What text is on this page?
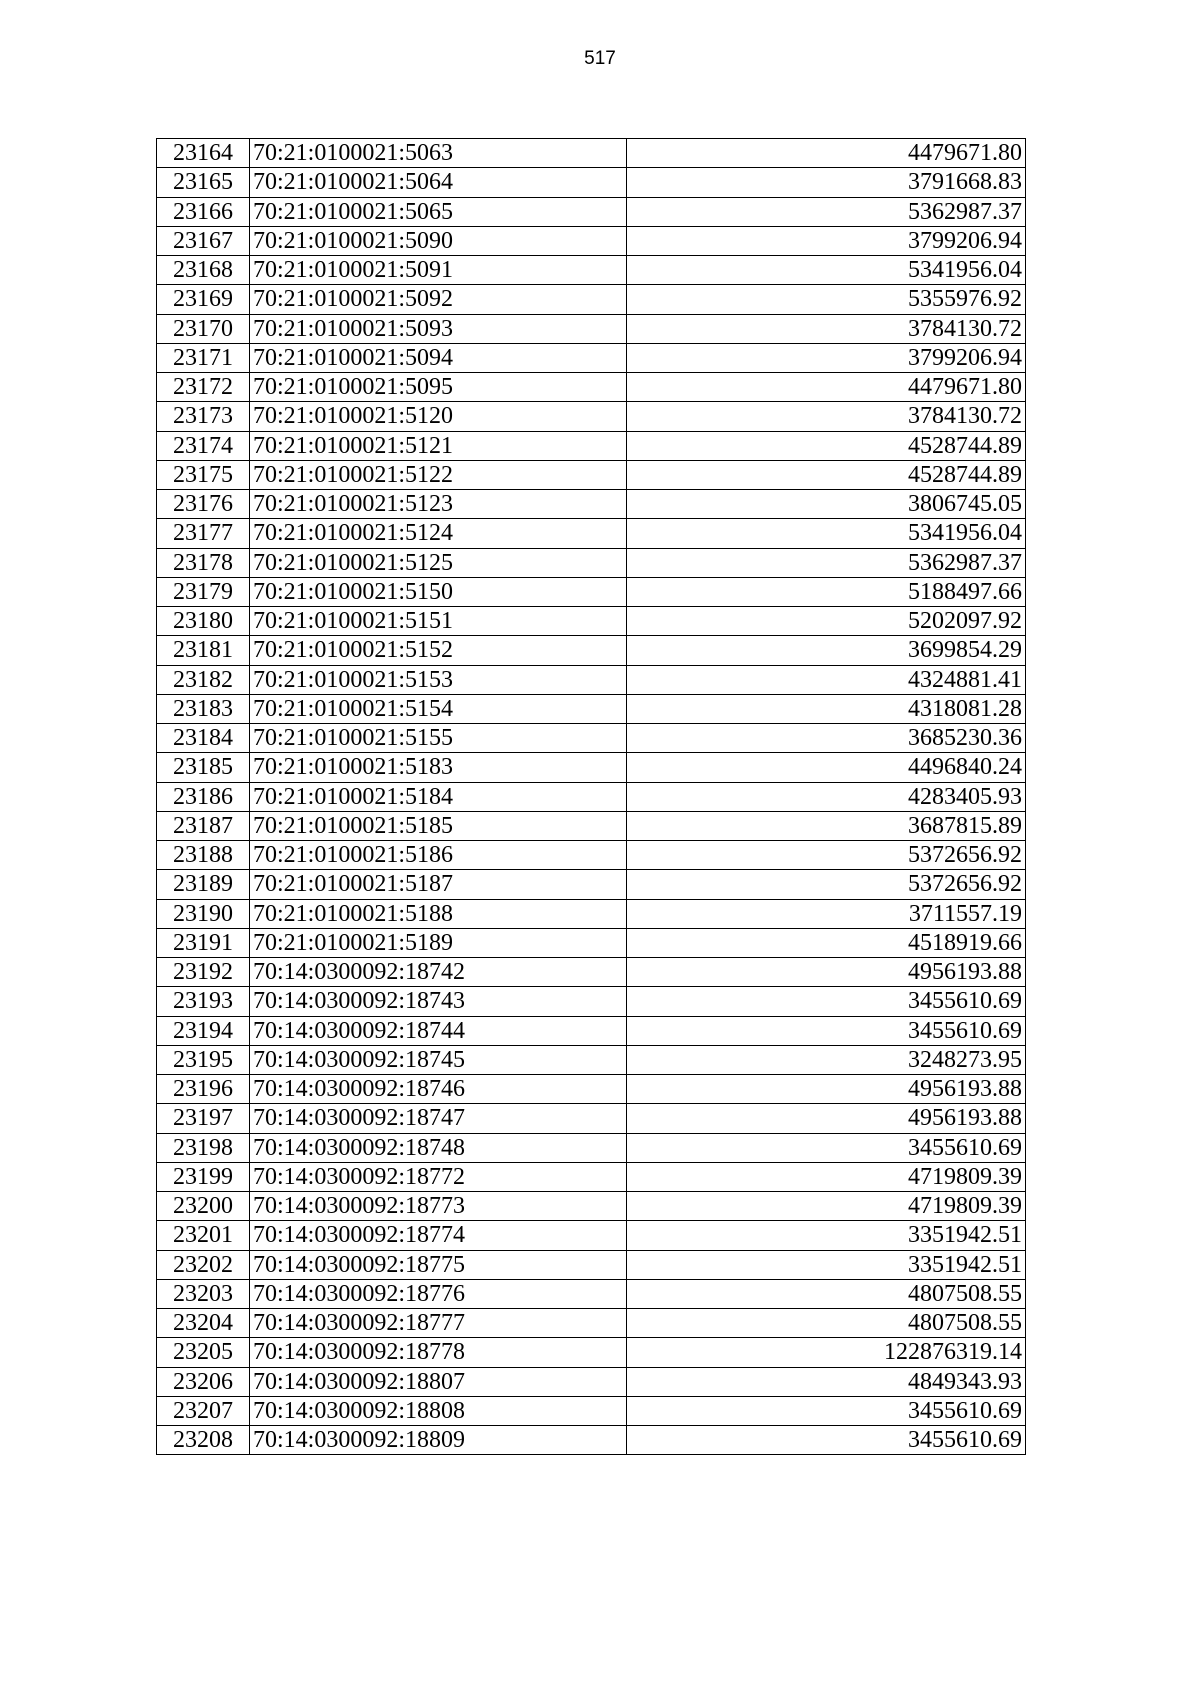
517
23164	70:21:0100021:5063	4479671.80
23165	70:21:0100021:5064	3791668.83
23166	70:21:0100021:5065	5362987.37
23167	70:21:0100021:5090	3799206.94
23168	70:21:0100021:5091	5341956.04
23169	70:21:0100021:5092	5355976.92
23170	70:21:0100021:5093	3784130.72
23171	70:21:0100021:5094	3799206.94
23172	70:21:0100021:5095	4479671.80
23173	70:21:0100021:5120	3784130.72
23174	70:21:0100021:5121	4528744.89
23175	70:21:0100021:5122	4528744.89
23176	70:21:0100021:5123	3806745.05
23177	70:21:0100021:5124	5341956.04
23178	70:21:0100021:5125	5362987.37
23179	70:21:0100021:5150	5188497.66
23180	70:21:0100021:5151	5202097.92
23181	70:21:0100021:5152	3699854.29
23182	70:21:0100021:5153	4324881.41
23183	70:21:0100021:5154	4318081.28
23184	70:21:0100021:5155	3685230.36
23185	70:21:0100021:5183	4496840.24
23186	70:21:0100021:5184	4283405.93
23187	70:21:0100021:5185	3687815.89
23188	70:21:0100021:5186	5372656.92
23189	70:21:0100021:5187	5372656.92
23190	70:21:0100021:5188	3711557.19
23191	70:21:0100021:5189	4518919.66
23192	70:14:0300092:18742	4956193.88
23193	70:14:0300092:18743	3455610.69
23194	70:14:0300092:18744	3455610.69
23195	70:14:0300092:18745	3248273.95
23196	70:14:0300092:18746	4956193.88
23197	70:14:0300092:18747	4956193.88
23198	70:14:0300092:18748	3455610.69
23199	70:14:0300092:18772	4719809.39
23200	70:14:0300092:18773	4719809.39
23201	70:14:0300092:18774	3351942.51
23202	70:14:0300092:18775	3351942.51
23203	70:14:0300092:18776	4807508.55
23204	70:14:0300092:18777	4807508.55
23205	70:14:0300092:18778	122876319.14
23206	70:14:0300092:18807	4849343.93
23207	70:14:0300092:18808	3455610.69
23208	70:14:0300092:18809	3455610.69
